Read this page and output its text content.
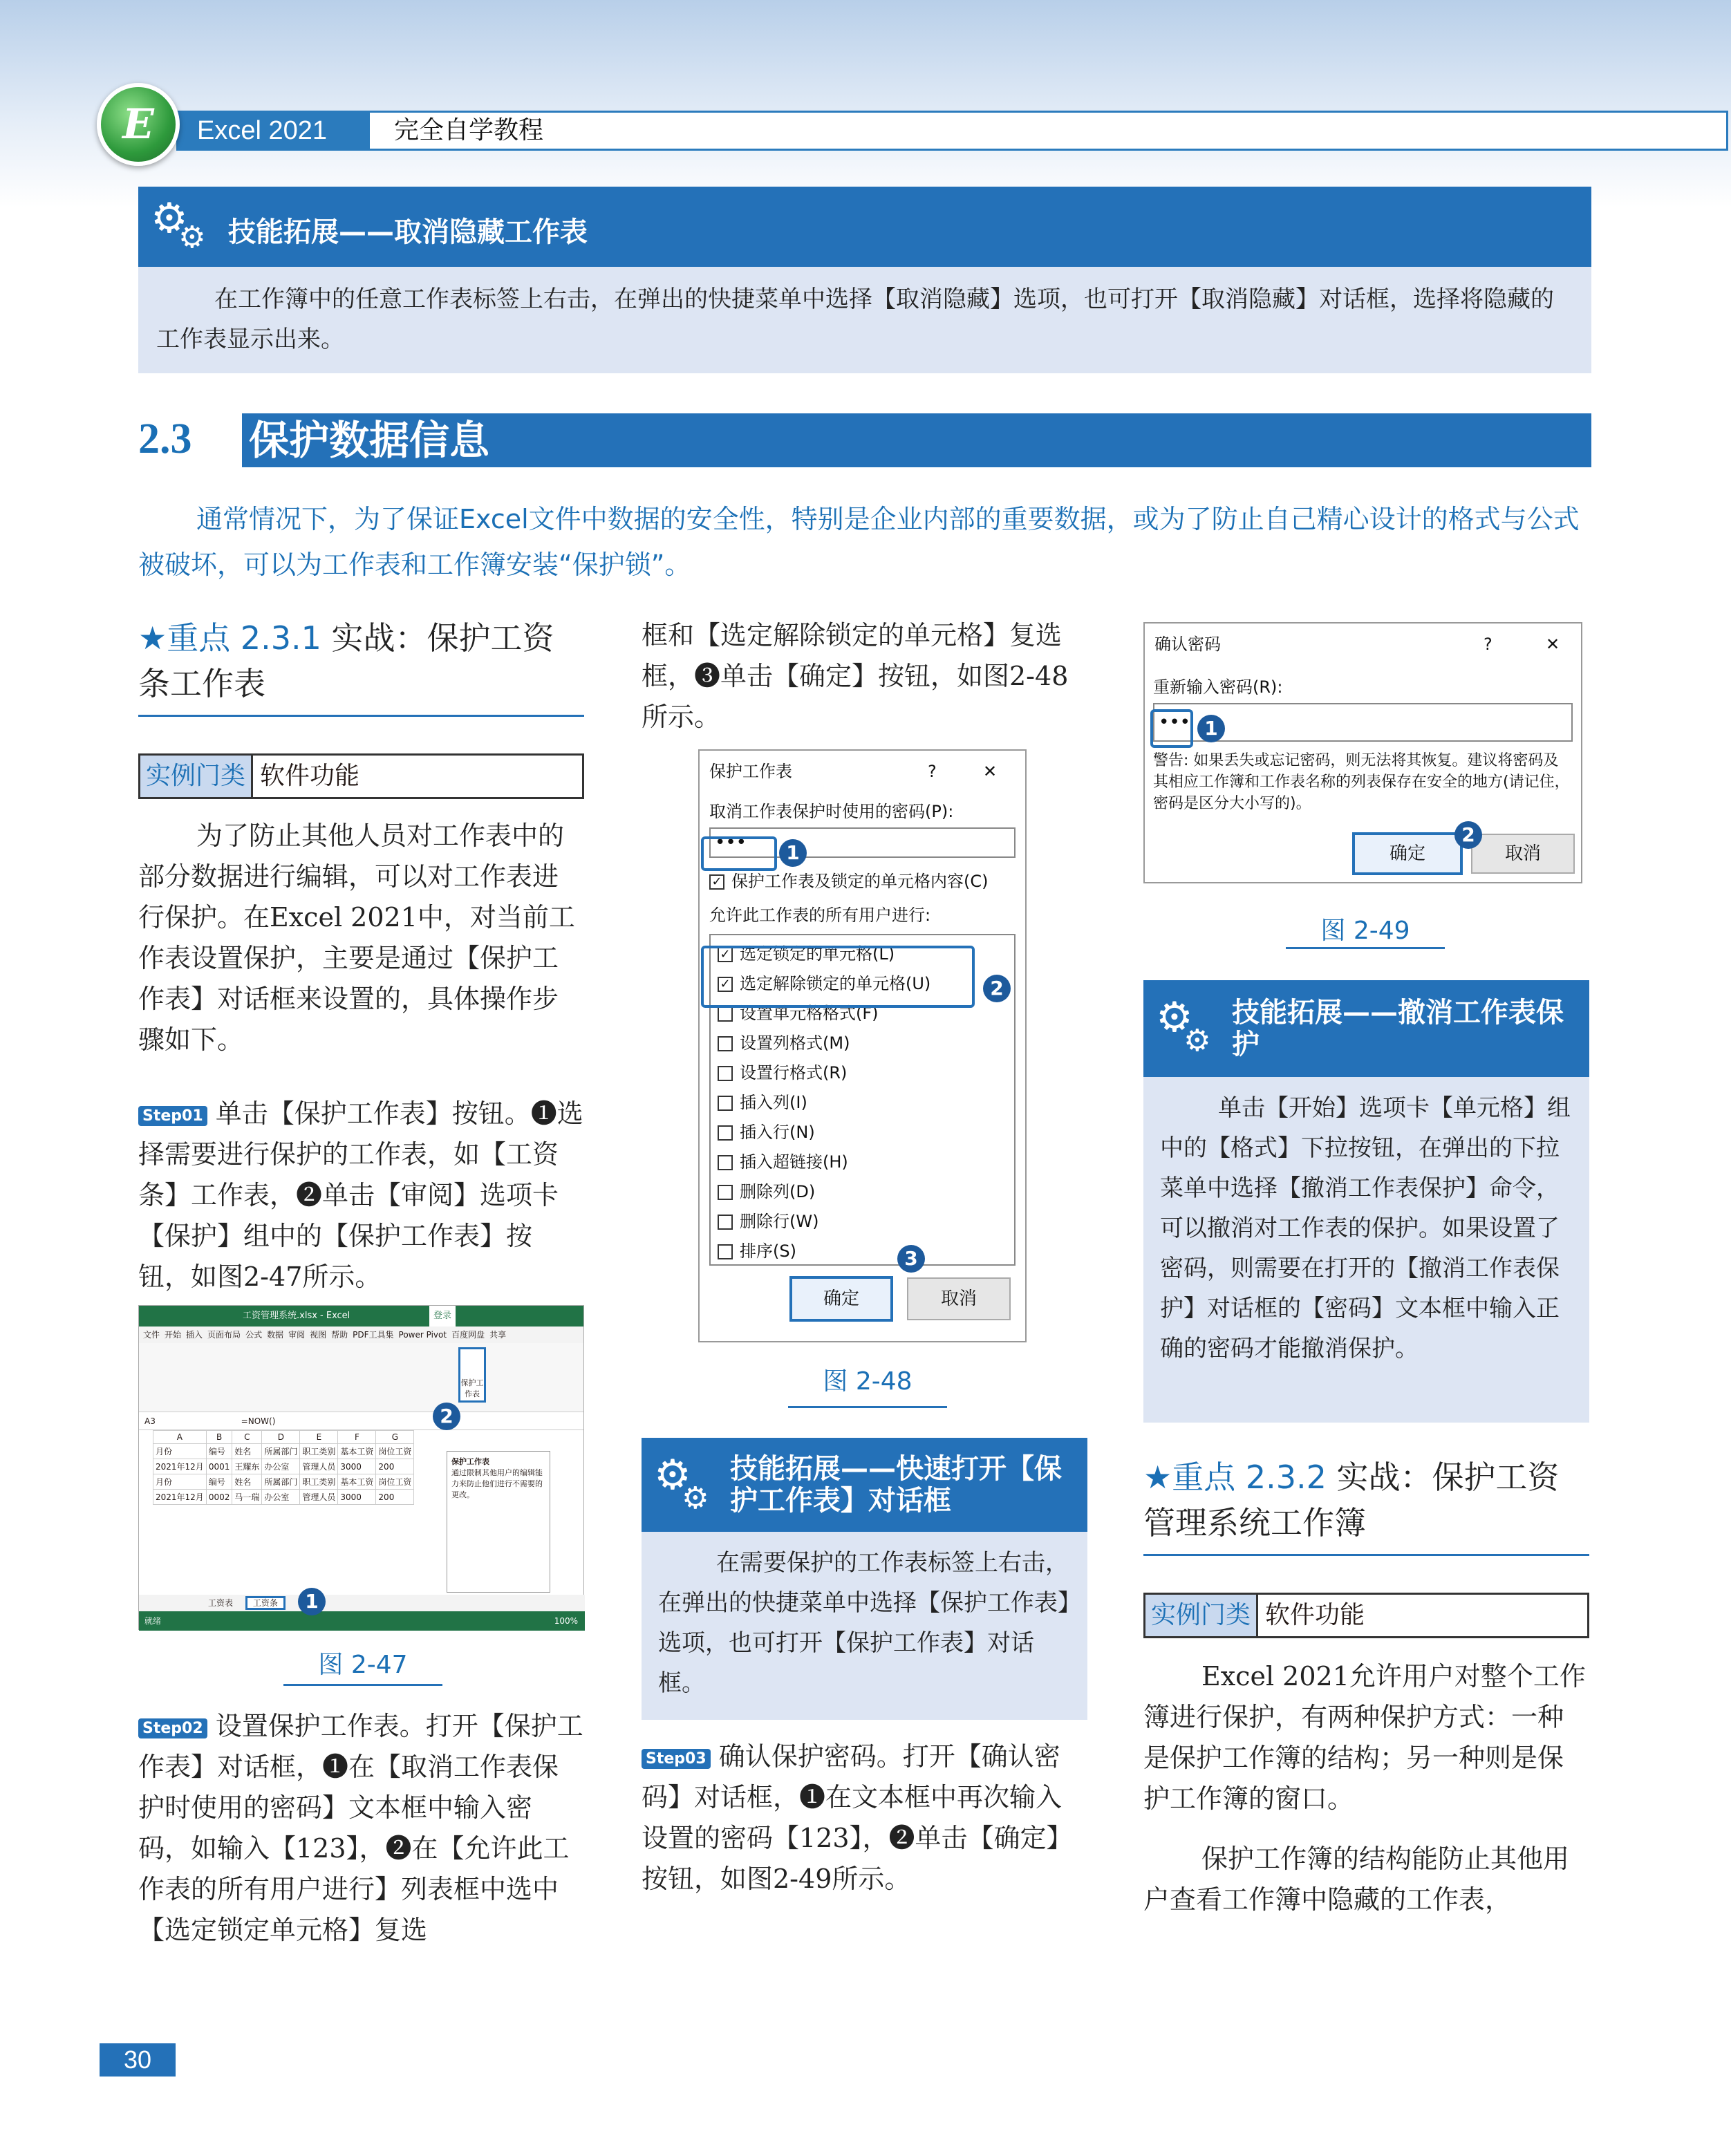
Excel 2021	完全自学教程
E
⚙
⚙ 技能拓展——取消隐藏工作表
在工作簿中的任意工作表标签上右击，在弹出的快捷菜单中选择【取消隐藏】选项，也可打开【取消隐藏】对话框，选择将隐藏的工作表显示出来。
2.3 保护数据信息
通常情况下，为了保证Excel文件中数据的安全性，特别是企业内部的重要数据，或为了防止自己精心设计的格式与公式被破坏，可以为工作表和工作簿安装“保护锁”。
★重点 2.3.1 实战：保护工资条工作表
实例门类 软件功能
为了防止其他人员对工作表中的部分数据进行编辑，可以对工作表进行保护。在Excel 2021中，对当前工作表设置保护，主要是通过【保护工作表】对话框来设置的，具体操作步骤如下。
Step01 单击【保护工作表】按钮。❶选择需要进行保护的工作表，如【工资条】工作表，❷单击【审阅】选项卡【保护】组中的【保护工作表】按钮，如图2-47所示。
工资管理系统.xlsx - Excel	登录
文件 开始 插入 页面布局 公式 数据 审阅 视图 帮助 PDF工具集 Power Pivot 百度网盘 共享
保护工作表
A3	=NOW()
A	B	C	D	E	F	G
月份	编号	姓名	所属部门	职工类别	基本工资	岗位工资
2021年12月	0001	王耀东	办公室	管理人员	3000	200
月份	编号	姓名	所属部门	职工类别	基本工资	岗位工资
2021年12月	0002	马一瑞	办公室	管理人员	3000	200
保护工作表
通过限制其他用户的编辑能力来防止他们进行不需要的更改。
工资表 工资条
就绪	100%
2
1
图 2-47
Step02 设置保护工作表。打开【保护工作表】对话框，❶在【取消工作表保护时使用的密码】文本框中输入密码，如输入【123】，❷在【允许此工作表的所有用户进行】列表框中选中【选定锁定单元格】复选
框和【选定解除锁定的单元格】复选框，❸单击【确定】按钮，如图2-48所示。
保护工作表	?	✕
取消工作表保护时使用的密码(P):
•••
✓ 保护工作表及锁定的单元格内容(C)
允许此工作表的所有用户进行:
✓ 选定锁定的单元格(L)
✓ 选定解除锁定的单元格(U)
设置单元格格式(F)
设置列格式(M)
设置行格式(R)
插入列(I)
插入行(N)
插入超链接(H)
删除列(D)
删除行(W)
排序(S)
确定	取消
1
2
3
图 2-48
⚙
⚙
技能拓展——快速打开【保护工作表】对话框
在需要保护的工作表标签上右击，在弹出的快捷菜单中选择【保护工作表】选项，也可打开【保护工作表】对话框。
Step03 确认保护密码。打开【确认密码】对话框，❶在文本框中再次输入设置的密码【123】，❷单击【确定】按钮，如图2-49所示。
确认密码	?	✕
重新输入密码(R):
•••
警告: 如果丢失或忘记密码，则无法将其恢复。建议将密码及其相应工作簿和工作表名称的列表保存在安全的地方(请记住，密码是区分大小写的)。
确定	取消
1
2
图 2-49
⚙
⚙
技能拓展——撤消工作表保护
单击【开始】选项卡【单元格】组中的【格式】下拉按钮，在弹出的下拉菜单中选择【撤消工作表保护】命令，可以撤消对工作表的保护。如果设置了密码，则需要在打开的【撤消工作表保护】对话框的【密码】文本框中输入正确的密码才能撤消保护。
★重点 2.3.2 实战：保护工资管理系统工作簿
实例门类 软件功能
Excel 2021允许用户对整个工作簿进行保护，有两种保护方式：一种是保护工作簿的结构；另一种则是保护工作簿的窗口。
保护工作簿的结构能防止其他用户查看工作簿中隐藏的工作表，
30
